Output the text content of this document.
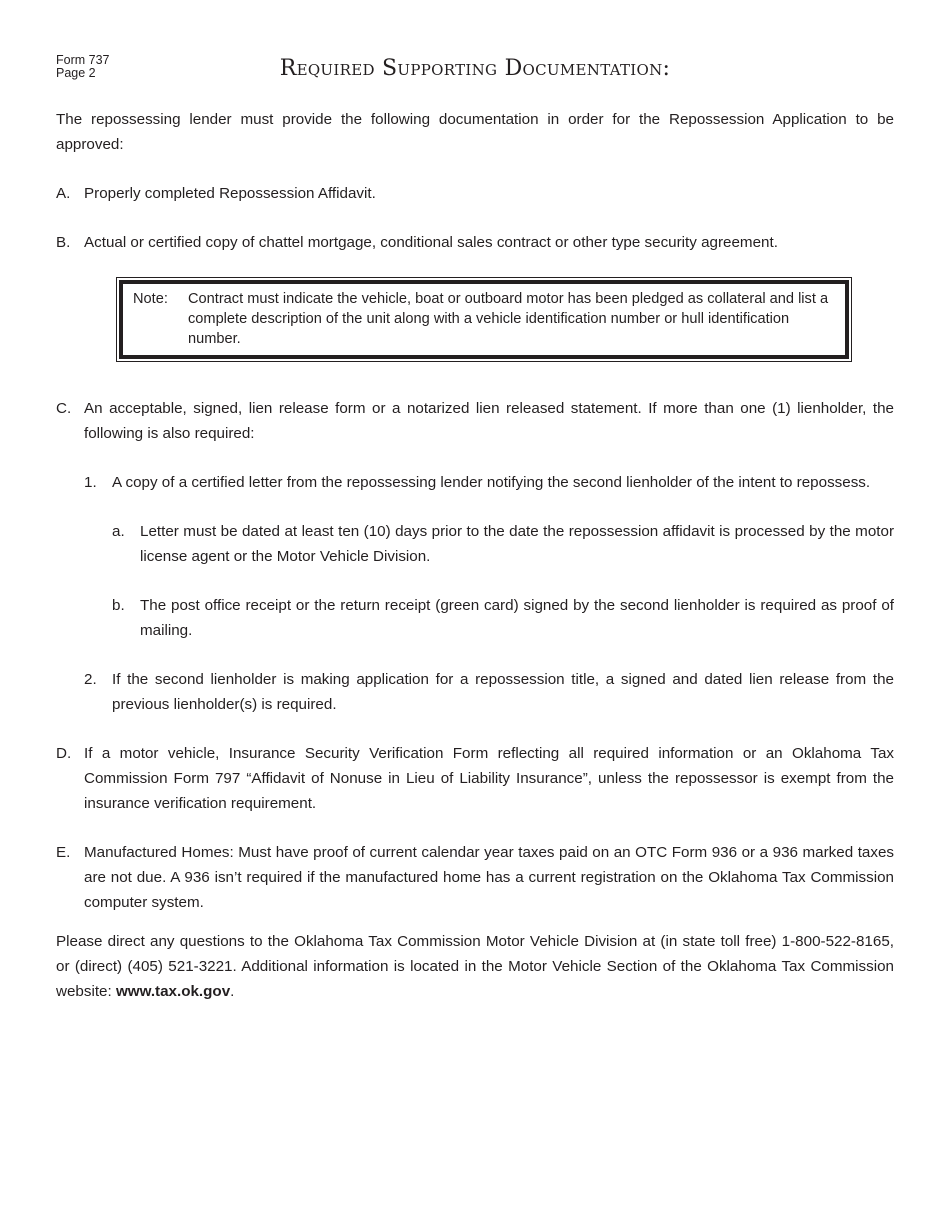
Form 737
Page 2	Required Supporting Documentation:

The repossessing lender must provide the following documentation in order for the Repossession Application to be approved:

A. Properly completed Repossession Affidavit.
B. Actual or certified copy of chattel mortgage, conditional sales contract or other type security agreement.
Note:	Contract must indicate the vehicle, boat or outboard motor has been pledged as collateral and list a complete description of the unit along with a vehicle identification number or hull identification number.
C. An acceptable, signed, lien release form or a notarized lien released statement. If more than one (1) lienholder, the following is also required:
1.	A copy of a certified letter from the repossessing lender notifying the second lienholder of the intent to repossess.
a.	Letter must be dated at least ten (10) days prior to the date the repossession affidavit is processed by the motor license agent or the Motor Vehicle Division.
b.	The post office receipt or the return receipt (green card) signed by the second lienholder is required as proof of mailing.
2.	If the second lienholder is making application for a repossession title, a signed and dated lien release from the previous lienholder(s) is required.
D. If a motor vehicle, Insurance Security Verification Form reflecting all required information or an Oklahoma Tax Commission Form 797 “Affidavit of Nonuse in Lieu of Liability Insurance”, unless the repossessor is exempt from the insurance verification requirement.
E. Manufactured Homes: Must have proof of current calendar year taxes paid on an OTC Form 936 or a 936 marked taxes are not due. A 936 isn’t required if the manufactured home has a current registration on the Oklahoma Tax Commission computer system.

Please direct any questions to the Oklahoma Tax Commission Motor Vehicle Division at (in state toll free) 1-800-522-8165, or (direct) (405) 521-3221. Additional information is located in the Motor Vehicle Section of the Oklahoma Tax Commission website: www.tax.ok.gov.
